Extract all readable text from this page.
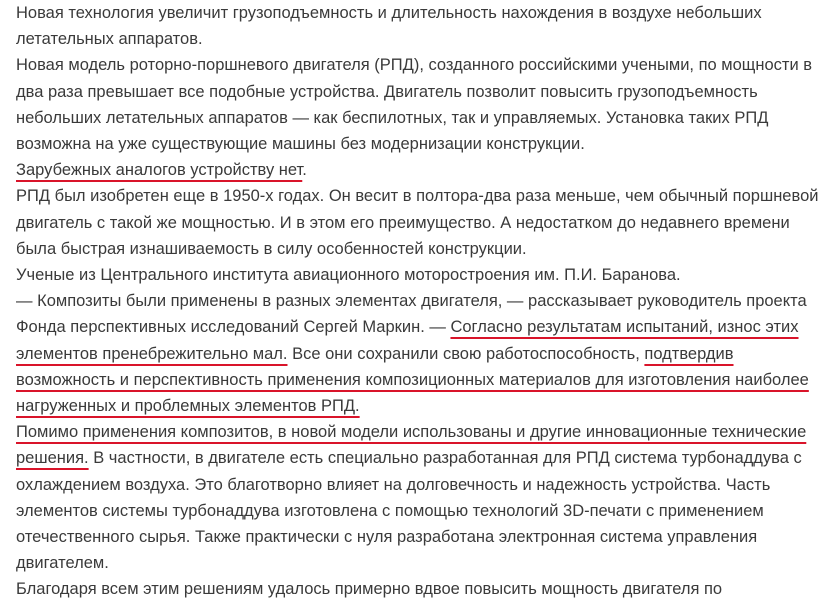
Новая технология увеличит грузоподъемность и длительность нахождения в воздухе небольших летательных аппаратов.

Новая модель роторно-поршневого двигателя (РПД), созданного российскими учеными, по мощности в два раза превышает все подобные устройства. Двигатель позволит повысить грузоподъемность небольших летательных аппаратов — как беспилотных, так и управляемых. Установка таких РПД возможна на уже существующие машины без модернизации конструкции.

Зарубежных аналогов устройству нет.

РПД был изобретен еще в 1950-х годах. Он весит в полтора-два раза меньше, чем обычный поршневой двигатель с такой же мощностью. И в этом его преимущество. А недостатком до недавнего времени была быстрая изнашиваемость в силу особенностей конструкции.

Ученые из Центрального института авиационного моторостроения им. П.И. Баранова.

— Композиты были применены в разных элементах двигателя, — рассказывает руководитель проекта Фонда перспективных исследований Сергей Маркин. — Согласно результатам испытаний, износ этих элементов пренебрежительно мал. Все они сохранили свою работоспособность, подтвердив возможность и перспективность применения композиционных материалов для изготовления наиболее нагруженных и проблемных элементов РПД.

Помимо применения композитов, в новой модели использованы и другие инновационные технические решения. В частности, в двигателе есть специально разработанная для РПД система турбонаддува с охлаждением воздуха. Это благотворно влияет на долговечность и надежность устройства. Часть элементов системы турбонаддува изготовлена с помощью технологий 3D-печати с применением отечественного сырья. Также практически с нуля разработана электронная система управления двигателем.

Благодаря всем этим решениям удалось примерно вдвое повысить мощность двигателя по
